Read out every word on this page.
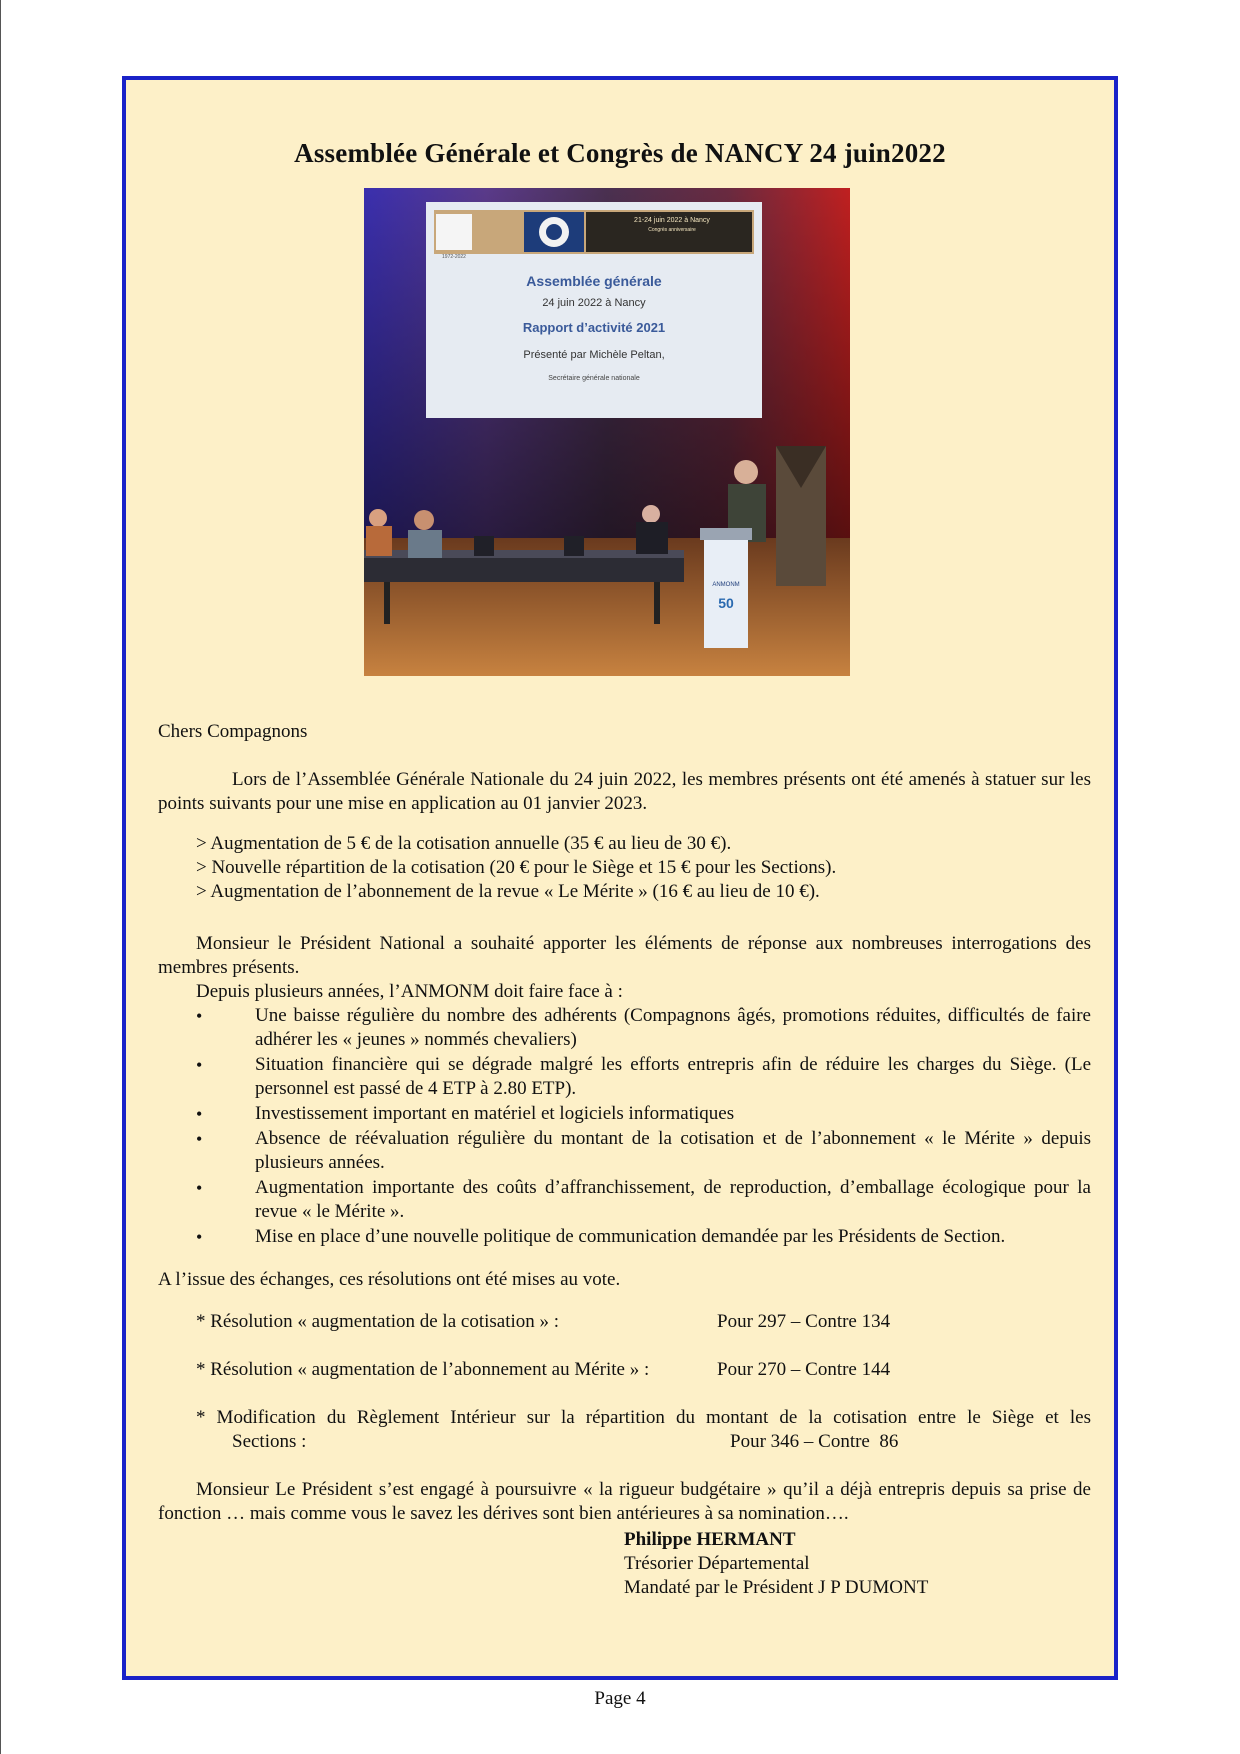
Assemblée Générale et Congrès de NANCY 24 juin2022
21-24 juin 2022 à Nancy
Congrès anniversaire
1972-2022
Assemblée générale
24 juin 2022 à Nancy
Rapport d’activité 2021
Présenté par Michèle Peltan,
Secrétaire générale nationale
ANMONM
50
Chers Compagnons
Lors de l’Assemblée Générale Nationale du 24 juin 2022, les membres présents ont été amenés à statuer sur les points suivants pour une mise en application au 01 janvier 2023.
> Augmentation de 5 € de la cotisation annuelle (35 € au lieu de 30 €).
> Nouvelle répartition de la cotisation (20 € pour le Siège et 15 € pour les Sections).
> Augmentation de l’abonnement de la revue « Le Mérite » (16 € au lieu de 10 €).
Monsieur le Président National a souhaité apporter les éléments de réponse aux nombreuses interrogations des membres présents.
Depuis plusieurs années, l’ANMONM doit faire face à :
•	Une baisse régulière du nombre des adhérents (Compagnons âgés, promotions réduites, difficultés de faire adhérer les « jeunes » nommés chevaliers)
•	Situation financière qui se dégrade malgré les efforts entrepris afin de réduire les charges du Siège. (Le personnel est passé de 4 ETP à 2.80 ETP).
•	Investissement important en matériel et logiciels informatiques
•	Absence de réévaluation régulière du montant de la cotisation et de l’abonnement « le Mérite » depuis plusieurs années.
•	Augmentation importante des coûts d’affranchissement, de reproduction, d’emballage écologique pour la revue « le Mérite ».
•	Mise en place d’une nouvelle politique de communication demandée par les Présidents de Section.
A l’issue des échanges, ces résolutions ont été mises au vote.
* Résolution « augmentation de la cotisation » :	Pour 297 – Contre 134
* Résolution « augmentation de l’abonnement au Mérite » :	Pour 270 – Contre 144
* Modification du Règlement Intérieur sur la répartition du montant de la cotisation entre le Siège et les
Sections :	Pour 346 – Contre  86
Monsieur Le Président s’est engagé à poursuivre « la rigueur budgétaire » qu’il a déjà entrepris depuis sa prise de fonction … mais comme vous le savez les dérives sont bien antérieures à sa nomination….
Philippe HERMANT
Trésorier Départemental
Mandaté par le Président J P DUMONT
Page 4
